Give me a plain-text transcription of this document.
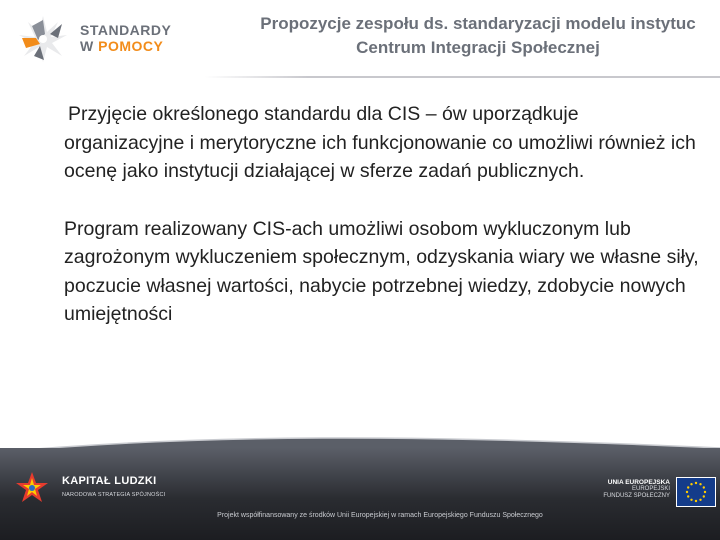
STANDARDY
W POMOCY
Propozycje zespołu ds. standaryzacji modelu instytuc
Centrum Integracji Społecznej

Przyjęcie określonego standardu dla CIS – ów uporządkuje organizacyjne i merytoryczne ich funkcjonowanie co umożliwi również ich ocenę jako instytucji działającej w sferze zadań publicznych.

Program realizowany CIS-ach umożliwi osobom wykluczonym lub zagrożonym wykluczeniem społecznym, odzyskania wiary we własne siły, poczucie własnej wartości, nabycie potrzebnej wiedzy, zdobycie nowych umiejętności

KAPITAŁ LUDZKI
NARODOWA STRATEGIA SPÓJNOŚCI
UNIA EUROPEJSKA
EUROPEJSKI
FUNDUSZ SPOŁECZNY
Projekt współfinansowany ze środków Unii Europejskiej w ramach Europejskiego Funduszu Społecznego
